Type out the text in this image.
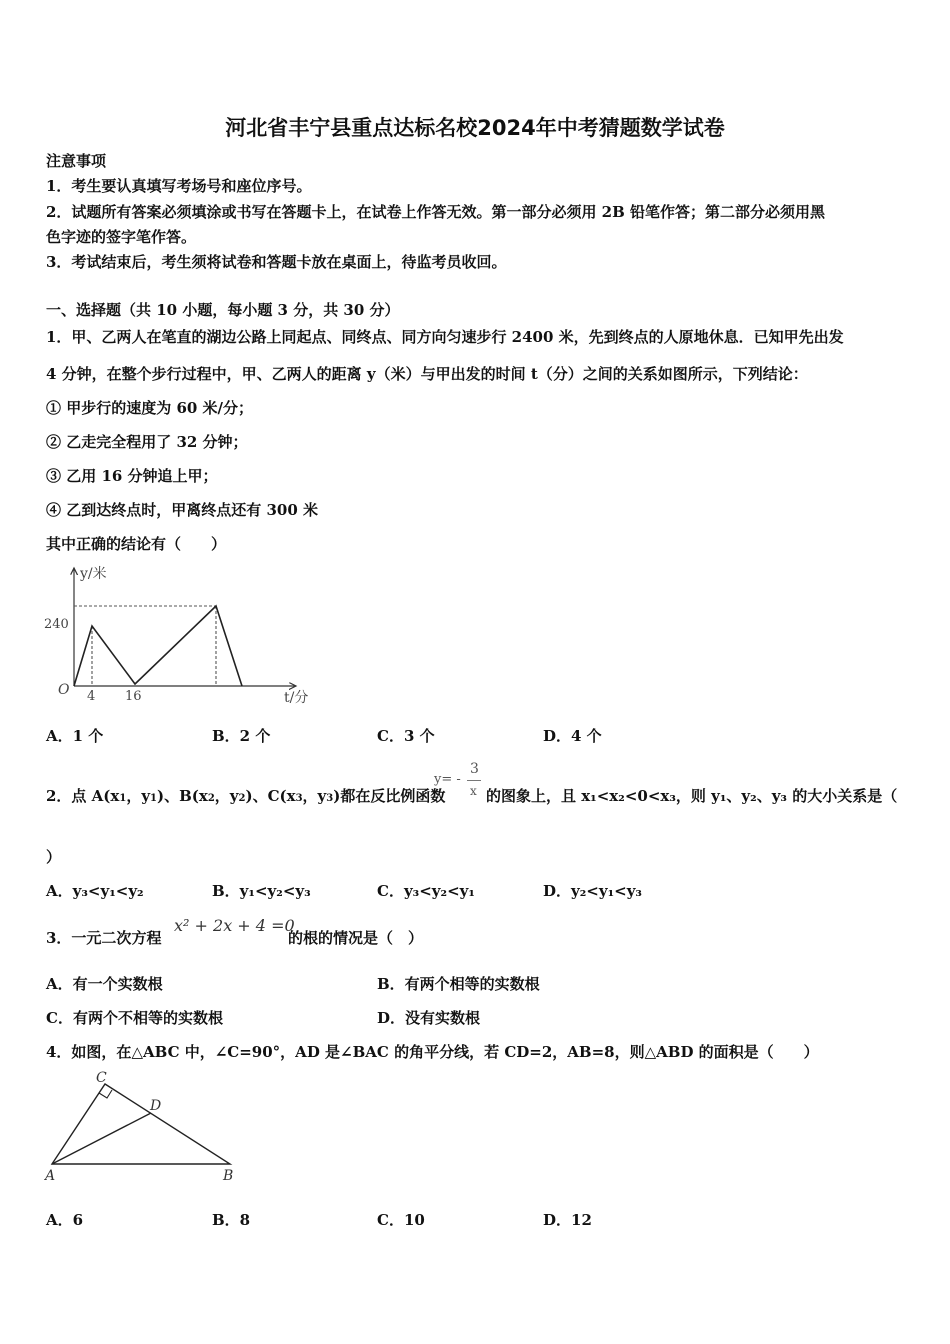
河北省丰宁县重点达标名校2024年中考猜题数学试卷
注意事项
1．考生要认真填写考场号和座位序号。
2．试题所有答案必须填涂或书写在答题卡上，在试卷上作答无效。第一部分必须用 2B 铅笔作答；第二部分必须用黑
色字迹的签字笔作答。
3．考试结束后，考生须将试卷和答题卡放在桌面上，待监考员收回。
一、选择题（共 10 小题，每小题 3 分，共 30 分）
1．甲、乙两人在笔直的湖边公路上同起点、同终点、同方向匀速步行 2400 米，先到终点的人原地休息．已知甲先出发
4 分钟，在整个步行过程中，甲、乙两人的距离 y（米）与甲出发的时间 t（分）之间的关系如图所示，下列结论：
① 甲步行的速度为 60 米/分；
② 乙走完全程用了 32 分钟；
③ 乙用 16 分钟追上甲；
④ 乙到达终点时，甲离终点还有 300 米
其中正确的结论有（　　）
y/米
240
O 4 16	t/分
A．1 个	B．2 个	C．3 个	D．4 个
2．点 A(x1，y1)、B(x2，y2)、C(x3，y3)都在反比例函数
y= -
3
x 的图象上，且 x₁<x₂<0<x₃，则 y₁、y₂、y₃ 的大小关系是（
）
A．y₃<y₁<y₂	B．y₁<y₂<y₃	C．y₃<y₂<y₁	D．y₂<y₁<y₃
3．一元二次方程
x² + 2x + 4 =0
的根的情况是（　）
A．有一个实数根	B．有两个相等的实数根
C．有两个不相等的实数根	D．没有实数根
4．如图，在△ABC 中，∠C=90°，AD 是∠BAC 的角平分线，若 CD=2，AB=8，则△ABD 的面积是（　　）
C
D
A	B
A．6	B．8	C．10	D．12
